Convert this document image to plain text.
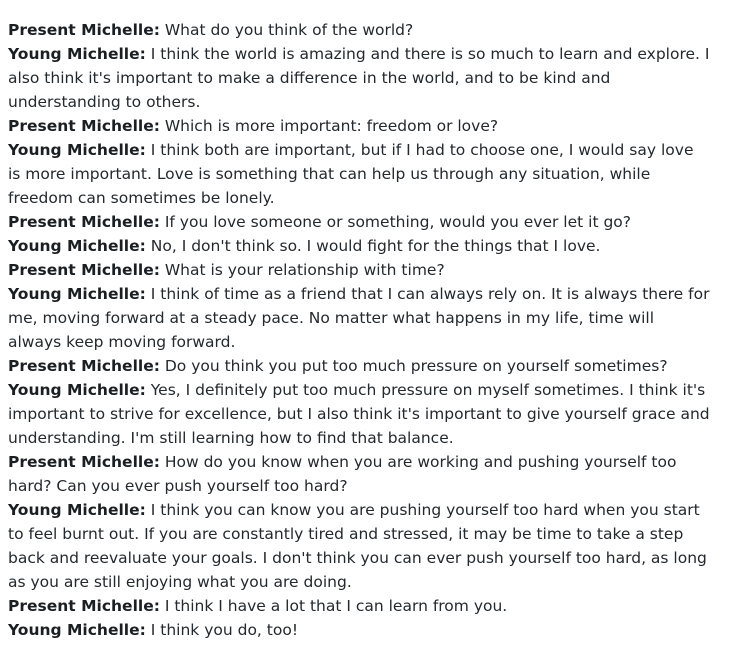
Present Michelle: What do you think of the world?

Young Michelle: I think the world is amazing and there is so much to learn and explore. I also think it's important to make a difference in the world, and to be kind and understanding to others.

Present Michelle: Which is more important: freedom or love?

Young Michelle: I think both are important, but if I had to choose one, I would say love is more important. Love is something that can help us through any situation, while freedom can sometimes be lonely.

Present Michelle: If you love someone or something, would you ever let it go?

Young Michelle: No, I don't think so. I would fight for the things that I love.

Present Michelle: What is your relationship with time?

Young Michelle: I think of time as a friend that I can always rely on. It is always there for me, moving forward at a steady pace. No matter what happens in my life, time will always keep moving forward.

Present Michelle: Do you think you put too much pressure on yourself sometimes?

Young Michelle: Yes, I definitely put too much pressure on myself sometimes. I think it's important to strive for excellence, but I also think it's important to give yourself grace and understanding. I'm still learning how to find that balance.

Present Michelle: How do you know when you are working and pushing yourself too hard? Can you ever push yourself too hard?

Young Michelle: I think you can know you are pushing yourself too hard when you start to feel burnt out. If you are constantly tired and stressed, it may be time to take a step back and reevaluate your goals. I don't think you can ever push yourself too hard, as long as you are still enjoying what you are doing.

Present Michelle: I think I have a lot that I can learn from you.

Young Michelle: I think you do, too!
